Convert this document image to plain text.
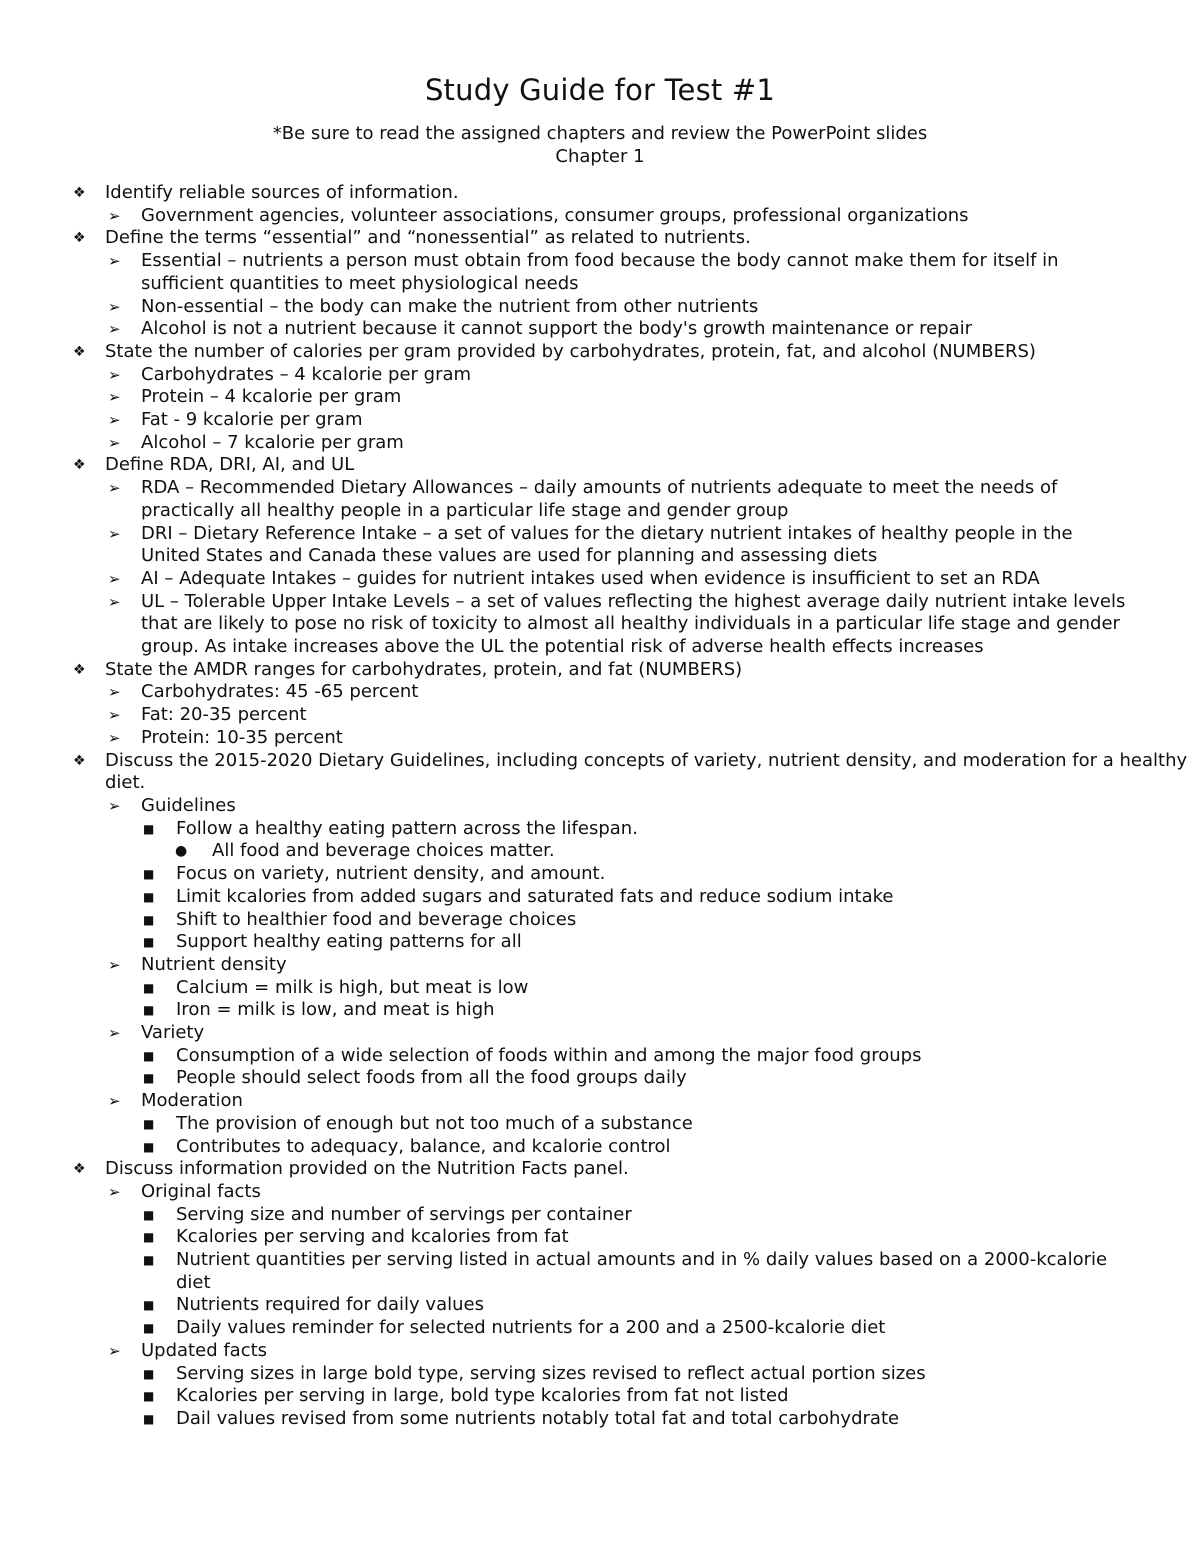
Study Guide for Test #1
*Be sure to read the assigned chapters and review the PowerPoint slides
Chapter 1
❖ Identify reliable sources of information.
➢ Government agencies, volunteer associations, consumer groups, professional organizations
❖ Define the terms “essential” and “nonessential” as related to nutrients.
➢ Essential – nutrients a person must obtain from food because the body cannot make them for itself in sufficient quantities to meet physiological needs
➢ Non-essential – the body can make the nutrient from other nutrients
➢ Alcohol is not a nutrient because it cannot support the body's growth maintenance or repair
❖ State the number of calories per gram provided by carbohydrates, protein, fat, and alcohol (NUMBERS)
➢ Carbohydrates – 4 kcalorie per gram
➢ Protein – 4 kcalorie per gram
➢ Fat - 9 kcalorie per gram
➢ Alcohol – 7 kcalorie per gram
❖ Define RDA, DRI, AI, and UL
➢ RDA – Recommended Dietary Allowances – daily amounts of nutrients adequate to meet the needs of practically all healthy people in a particular life stage and gender group
➢ DRI – Dietary Reference Intake – a set of values for the dietary nutrient intakes of healthy people in the United States and Canada these values are used for planning and assessing diets
➢ AI – Adequate Intakes – guides for nutrient intakes used when evidence is insufficient to set an RDA
➢ UL – Tolerable Upper Intake Levels – a set of values reflecting the highest average daily nutrient intake levels that are likely to pose no risk of toxicity to almost all healthy individuals in a particular life stage and gender group. As intake increases above the UL the potential risk of adverse health effects increases
❖ State the AMDR ranges for carbohydrates, protein, and fat (NUMBERS)
➢ Carbohydrates: 45 -65 percent
➢ Fat: 20-35 percent
➢ Protein: 10-35 percent
❖ Discuss the 2015-2020 Dietary Guidelines, including concepts of variety, nutrient density, and moderation for a healthy diet.
➢ Guidelines
■ Follow a healthy eating pattern across the lifespan.
● All food and beverage choices matter.
■ Focus on variety, nutrient density, and amount.
■ Limit kcalories from added sugars and saturated fats and reduce sodium intake
■ Shift to healthier food and beverage choices
■ Support healthy eating patterns for all
➢ Nutrient density
■ Calcium = milk is high, but meat is low
■ Iron = milk is low, and meat is high
➢ Variety
■ Consumption of a wide selection of foods within and among the major food groups
■ People should select foods from all the food groups daily
➢ Moderation
■ The provision of enough but not too much of a substance
■ Contributes to adequacy, balance, and kcalorie control
❖ Discuss information provided on the Nutrition Facts panel.
➢ Original facts
■ Serving size and number of servings per container
■ Kcalories per serving and kcalories from fat
■ Nutrient quantities per serving listed in actual amounts and in % daily values based on a 2000-kcalorie diet
■ Nutrients required for daily values
■ Daily values reminder for selected nutrients for a 200 and a 2500-kcalorie diet
➢ Updated facts
■ Serving sizes in large bold type, serving sizes revised to reflect actual portion sizes
■ Kcalories per serving in large, bold type kcalories from fat not listed
■ Dail values revised from some nutrients notably total fat and total carbohydrate
